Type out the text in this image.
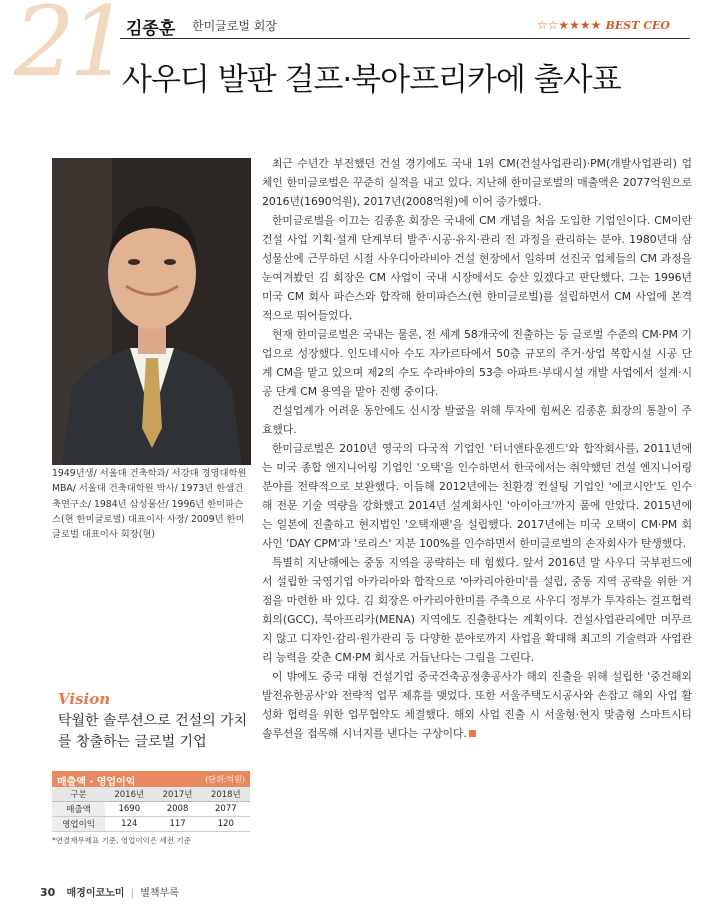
21 김종훈 한미글로벌 회장	☆☆★★★★ BEST CEO
사우디 발판 걸프·북아프리카에 출사표
1949년생/ 서울대 건축학과/ 서강대 경영대학원 MBA/ 서울대 건축대학원 박사/ 1973년 한샘건축연구소/ 1984년 삼성물산/ 1996년 한미파슨스(현 한미글로벌) 대표이사 사장/ 2009년 한미글로벌 대표이사 회장(현)
Vision
탁월한 솔루션으로 건설의 가치를 창출하는 글로벌 기업
매출액 · 영업이익	(단위:억원)
구분	2016년	2017년	2018년
매출액	1690	2008	2077
영업이익	124	117	120
*연결재무제표 기준, 영업이익은 세전 기준

최근 수년간 부진했던 건설 경기에도 국내 1위 CM(건설사업관리)·PM(개발사업관리) 업체인 한미글로벌은 꾸준히 실적을 내고 있다. 지난해 한미글로벌의 매출액은 2077억원으로 2016년(1690억원), 2017년(2008억원)에 이어 증가했다.

한미글로벌을 이끄는 김종훈 회장은 국내에 CM 개념을 처음 도입한 기업인이다. CM이란 건설 사업 기획·설계 단계부터 발주·시공·유지·관리 전 과정을 관리하는 분야. 1980년대 삼성물산에 근무하던 시절 사우디아라비아 건설 현장에서 일하며 선진국 업체들의 CM 과정을 눈여겨봤던 김 회장은 CM 사업이 국내 시장에서도 승산 있겠다고 판단했다. 그는 1996년 미국 CM 회사 파슨스와 합작해 한미파슨스(현 한미글로벌)를 설립하면서 CM 사업에 본격적으로 뛰어들었다.

현재 한미글로벌은 국내는 물론, 전 세계 58개국에 진출하는 등 글로벌 수준의 CM·PM 기업으로 성장했다. 인도네시아 수도 자카르타에서 50층 규모의 주거·상업 복합시설 시공 단계 CM을 맡고 있으며 제2의 수도 수라바야의 53층 아파트·부대시설 개발 사업에서 설계·시공 단계 CM 용역을 맡아 진행 중이다.

건설업계가 어려운 동안에도 신시장 발굴을 위해 투자에 힘써온 김종훈 회장의 통찰이 주효했다.

한미글로벌은 2010년 영국의 다국적 기업인 '터너앤타운젠드'와 합작회사를, 2011년에는 미국 종합 엔지니어링 기업인 '오택'을 인수하면서 한국에서는 취약했던 건설 엔지니어링 분야를 전략적으로 보완했다. 이듬해 2012년에는 친환경 컨설팅 기업인 '에코시안'도 인수해 전문 기술 역량을 강화했고 2014년 설계회사인 '아이아크'까지 품에 안았다. 2015년에는 일본에 진출하고 현지법인 '오택재팬'을 설립했다. 2017년에는 미국 오택이 CM·PM 회사인 'DAY CPM'과 '로리스' 지분 100%를 인수하면서 한미글로벌의 손자회사가 탄생했다.

특별히 지난해에는 중동 지역을 공략하는 데 힘썼다. 앞서 2016년 말 사우디 국부펀드에서 설립한 국영기업 아카리아와 합작으로 '아카리아한미'를 설립, 중동 지역 공략을 위한 거점을 마련한 바 있다. 김 회장은 아카리아한미를 주축으로 사우디 정부가 투자하는 걸프협력회의(GCC), 북아프리카(MENA) 지역에도 진출한다는 계획이다. 건설사업관리에만 머무르지 않고 디자인·감리·원가관리 등 다양한 분야로까지 사업을 확대해 최고의 기술력과 사업관리 능력을 갖춘 CM·PM 회사로 거듭난다는 그림을 그린다.

이 밖에도 중국 대형 건설기업 중국건축공정총공사가 해외 진출을 위해 설립한 '중건해외발전유한공사'와 전략적 업무 제휴를 맺었다. 또한 서울주택도시공사와 손잡고 해외 사업 활성화 협력을 위한 업무협약도 체결했다. 해외 사업 진출 시 서울형·현지 맞춤형 스마트시티 솔루션을 접목해 시너지를 낸다는 구상이다.

30 매경이코노미 | 별책부록
